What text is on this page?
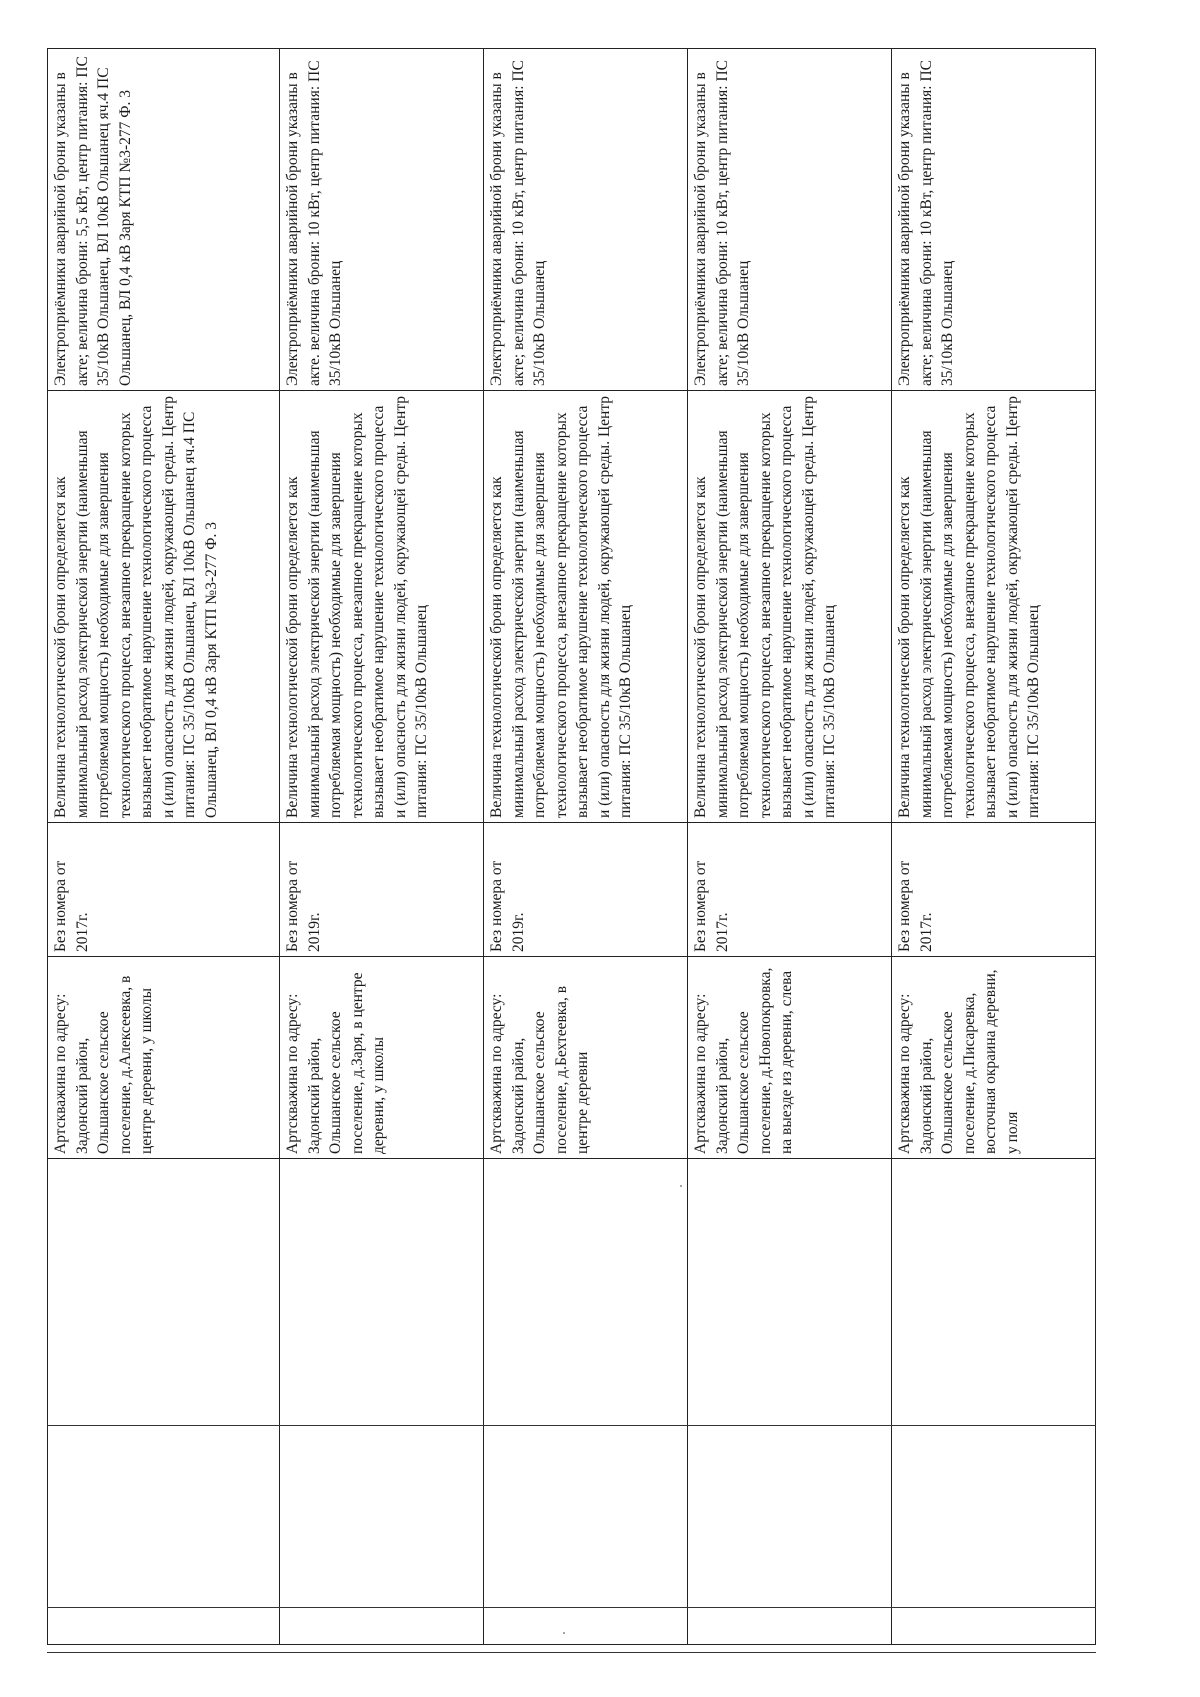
	Артскважина по адресу: Задонский район, Ольшанское сельское поселение, д.Алексеевка, в центре деревни, у школы	Без номера от 2017г.	Величина технологической брони определяется как минимальный расход электрической энергии (наименьшая потребляемая мощность) необходимые для завершения технологического процесса, внезапное прекращение которых вызывает необратимое нарушение технологического процесса и (или) опасность для жизни людей, окружающей среды. Центр питания: ПС 35/10кВ Ольшанец, ВЛ 10кВ Ольшанец яч.4 ПС Ольшанец, ВЛ 0,4 кВ Заря КТП №3-277 Ф. 3	Электроприёмники аварийной брони указаны в акте; величина брони: 5,5 кВт, центр питания: ПС 35/10кВ Ольшанец, ВЛ 10кВ Ольшанец яч.4 ПС Ольшанец, ВЛ 0,4 кВ Заря КТП №3-277 Ф. 3
	Артскважина по адресу: Задонский район, Ольшанское сельское поселение, д.Заря, в центре деревни, у школы	Без номера от 2019г.	Величина технологической брони определяется как минимальный расход электрической энергии (наименьшая потребляемая мощность) необходимые для завершения технологического процесса, внезапное прекращение которых вызывает необратимое нарушение технологического процесса и (или) опасность для жизни людей, окружающей среды. Центр питания: ПС 35/10кВ Ольшанец	Электроприёмники аварийной брони указаны в акте. величина брони: 10 кВт, центр питания: ПС 35/10кВ Ольшанец
	Артскважина по адресу: Задонский район, Ольшанское сельское поселение, д.Бехтеевка, в центре деревни	Без номера от 2019г.	Величина технологической брони определяется как минимальный расход электрической энергии (наименьшая потребляемая мощность) необходимые для завершения технологического процесса, внезапное прекращение которых вызывает необратимое нарушение технологического процесса и (или) опасность для жизни людей, окружающей среды. Центр питания: ПС 35/10кВ Ольшанец	Электроприёмники аварийной брони указаны в акте; величина брони: 10 кВт, центр питания: ПС 35/10кВ Ольшанец
	Артскважина по адресу: Задонский район, Ольшанское сельское поселение, д.Новопокровка, на выезде из деревни, слева	Без номера от 2017г.	Величина технологической брони определяется как минимальный расход электрической энергии (наименьшая потребляемая мощность) необходимые для завершения технологического процесса, внезапное прекращение которых вызывает необратимое нарушение технологического процесса и (или) опасность для жизни людей, окружающей среды. Центр питания: ПС 35/10кВ Ольшанец	Электроприёмники аварийной брони указаны в акте; величина брони: 10 кВт, центр питания: ПС 35/10кВ Ольшанец
	Артскважина по адресу: Задонский район, Ольшанское сельское поселение, д.Писаревка, восточная окраина деревни, у поля	Без номера от 2017г.	Величина технологической брони определяется как минимальный расход электрической энергии (наименьшая потребляемая мощность) необходимые для завершения технологического процесса, внезапное прекращение которых вызывает необратимое нарушение технологического процесса и (или) опасность для жизни людей, окружающей среды. Центр питания: ПС 35/10кВ Ольшанец	Электроприёмники аварийной брони указаны в акте; величина брони: 10 кВт, центр питания: ПС 35/10кВ Ольшанец
